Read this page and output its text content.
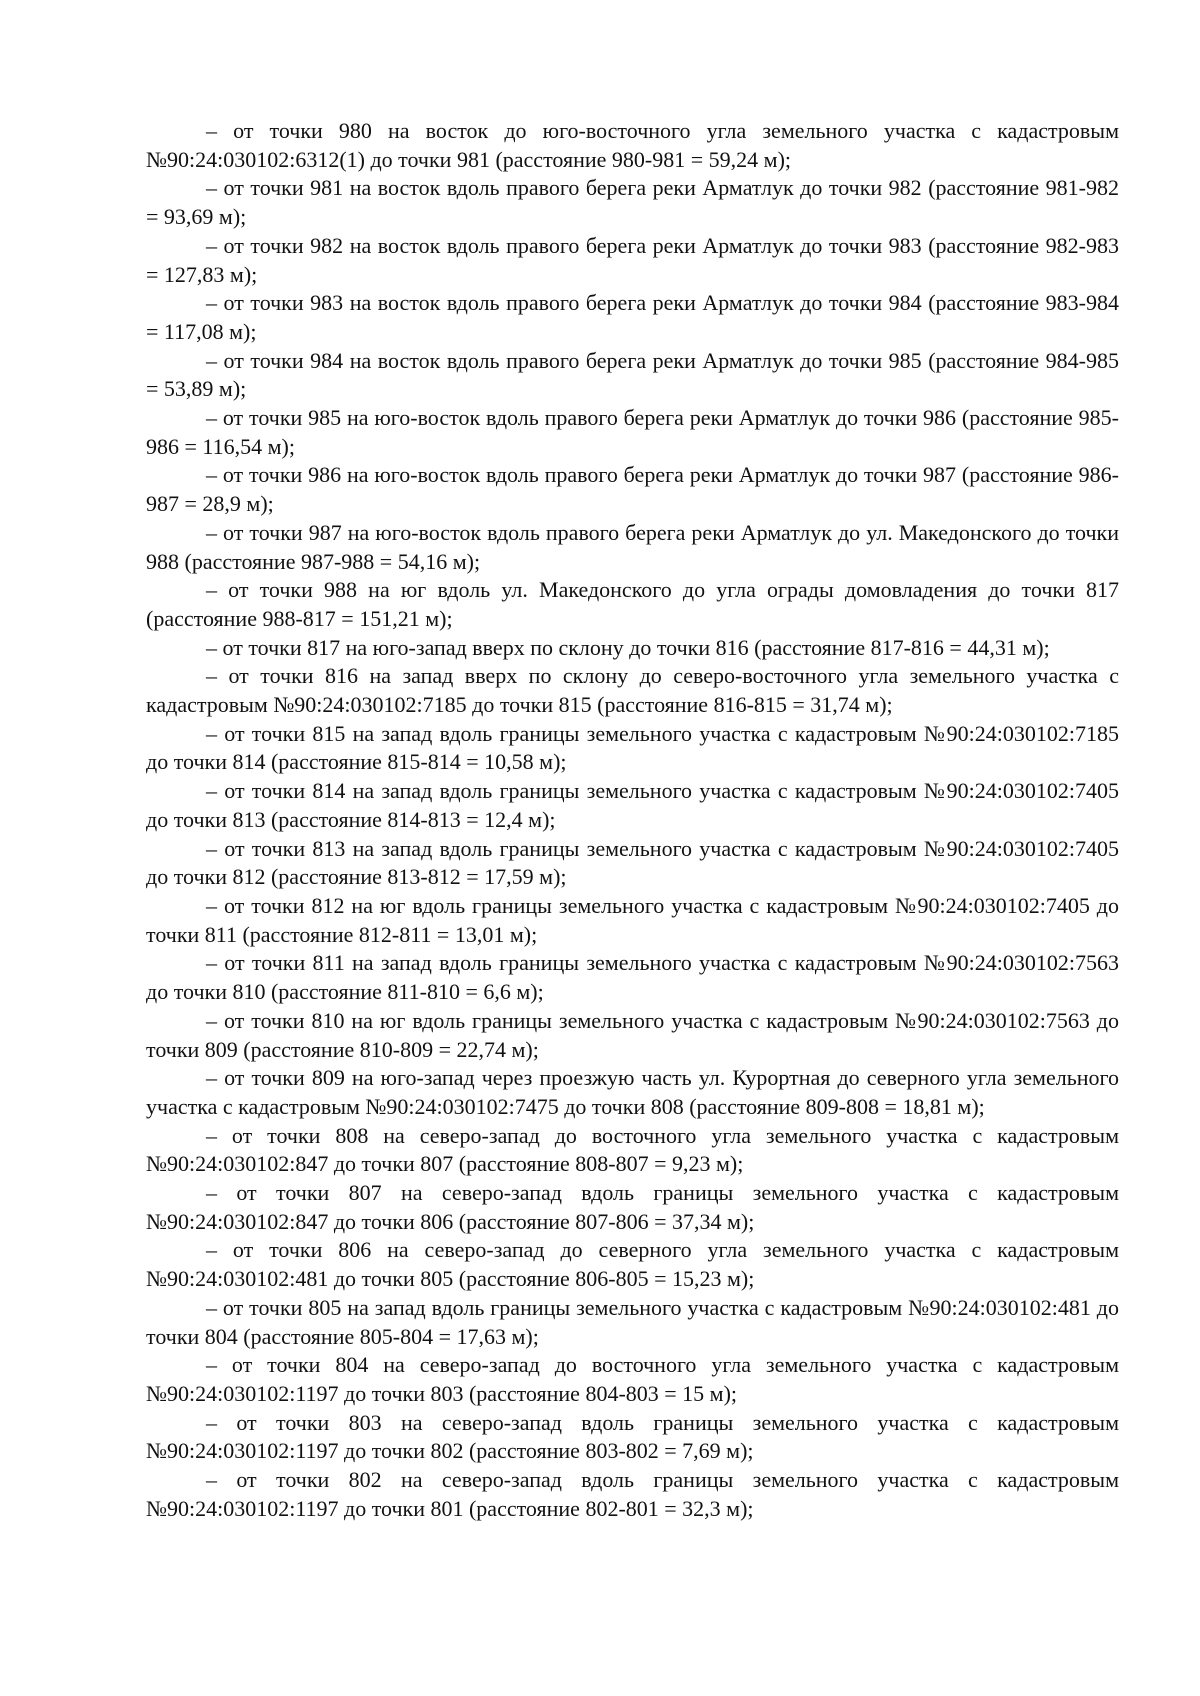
– от точки 980 на восток до юго-восточного угла земельного участка с кадастровым №90:24:030102:6312(1) до точки 981 (расстояние 980-981 = 59,24 м);

– от точки 981 на восток вдоль правого берега реки Арматлук до точки 982 (расстояние 981-982 = 93,69 м);

– от точки 982 на восток вдоль правого берега реки Арматлук до точки 983 (расстояние 982-983 = 127,83 м);

– от точки 983 на восток вдоль правого берега реки Арматлук до точки 984 (расстояние 983-984 = 117,08 м);

– от точки 984 на восток вдоль правого берега реки Арматлук до точки 985 (расстояние 984-985 = 53,89 м);

– от точки 985 на юго-восток вдоль правого берега реки Арматлук до точки 986 (расстояние 985-986 = 116,54 м);

– от точки 986 на юго-восток вдоль правого берега реки Арматлук до точки 987 (расстояние 986-987 = 28,9 м);

– от точки 987 на юго-восток вдоль правого берега реки Арматлук до ул. Македонского до точки 988 (расстояние 987-988 = 54,16 м);

– от точки 988 на юг вдоль ул. Македонского до угла ограды домовладения до точки 817 (расстояние 988-817 = 151,21 м);

– от точки 817 на юго-запад вверх по склону до точки 816 (расстояние 817-816 = 44,31 м);

– от точки 816 на запад вверх по склону до северо-восточного угла земельного участка с кадастровым №90:24:030102:7185 до точки 815 (расстояние 816-815 = 31,74 м);

– от точки 815 на запад вдоль границы земельного участка с кадастровым №90:24:030102:7185 до точки 814 (расстояние 815-814 = 10,58 м);

– от точки 814 на запад вдоль границы земельного участка с кадастровым №90:24:030102:7405 до точки 813 (расстояние 814-813 = 12,4 м);

– от точки 813 на запад вдоль границы земельного участка с кадастровым №90:24:030102:7405 до точки 812 (расстояние 813-812 = 17,59 м);

– от точки 812 на юг вдоль границы земельного участка с кадастровым №90:24:030102:7405 до точки 811 (расстояние 812-811 = 13,01 м);

– от точки 811 на запад вдоль границы земельного участка с кадастровым №90:24:030102:7563 до точки 810 (расстояние 811-810 = 6,6 м);

– от точки 810 на юг вдоль границы земельного участка с кадастровым №90:24:030102:7563 до точки 809 (расстояние 810-809 = 22,74 м);

– от точки 809 на юго-запад через проезжую часть ул. Курортная до северного угла земельного участка с кадастровым №90:24:030102:7475 до точки 808 (расстояние 809-808 = 18,81 м);

– от точки 808 на северо-запад до восточного угла земельного участка с кадастровым №90:24:030102:847 до точки 807 (расстояние 808-807 = 9,23 м);

– от точки 807 на северо-запад вдоль границы земельного участка с кадастровым №90:24:030102:847 до точки 806 (расстояние 807-806 = 37,34 м);

– от точки 806 на северо-запад до северного угла земельного участка с кадастровым №90:24:030102:481 до точки 805 (расстояние 806-805 = 15,23 м);

– от точки 805 на запад вдоль границы земельного участка с кадастровым №90:24:030102:481 до точки 804 (расстояние 805-804 = 17,63 м);

– от точки 804 на северо-запад до восточного угла земельного участка с кадастровым №90:24:030102:1197 до точки 803 (расстояние 804-803 = 15 м);

– от точки 803 на северо-запад вдоль границы земельного участка с кадастровым №90:24:030102:1197 до точки 802 (расстояние 803-802 = 7,69 м);

– от точки 802 на северо-запад вдоль границы земельного участка с кадастровым №90:24:030102:1197 до точки 801 (расстояние 802-801 = 32,3 м);
